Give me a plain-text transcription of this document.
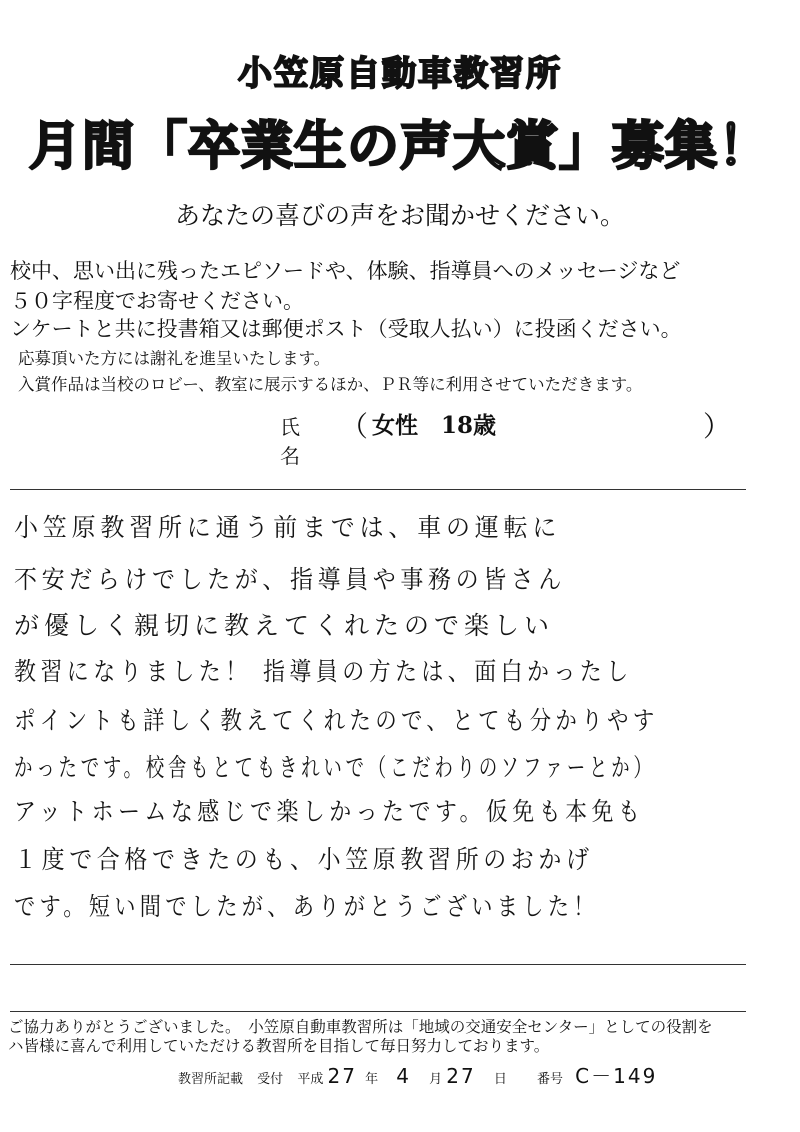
小笠原自動車教習所
月間「卒業生の声大賞」募集！
あなたの喜びの声をお聞かせください。
校中、思い出に残ったエピソードや、体験、指導員へのメッセージなど
５０字程度でお寄せください。
ンケートと共に投書箱又は郵便ポスト（受取人払い）に投函ください。
応募頂いた方には謝礼を進呈いたします。
入賞作品は当校のロビー、教室に展示するほか、ＰＲ等に利用させていただきます。
氏名
（ 女性　18歳	）
小笠原教習所に通う前までは、車の運転に
不安だらけでしたが、指導員や事務の皆さん
が優しく親切に教えてくれたので楽しい
教習になりました！ 指導員の方たは、面白かったし
ポイントも詳しく教えてくれたので、とても分かりやす
かったです。校舎もとてもきれいで（こだわりのソファーとか）
アットホームな感じで楽しかったです。仮免も本免も
１度で合格できたのも、小笠原教習所のおかげ
です。短い間でしたが、ありがとうございました！
ご協力ありがとうございました。　小笠原自動車教習所は「地域の交通安全センター」としての役割を
ハ皆様に喜んで利用していただける教習所を目指して毎日努力しております。
教習所記載 受付 平成 27 年 4 月 27 日 番号 C－149
